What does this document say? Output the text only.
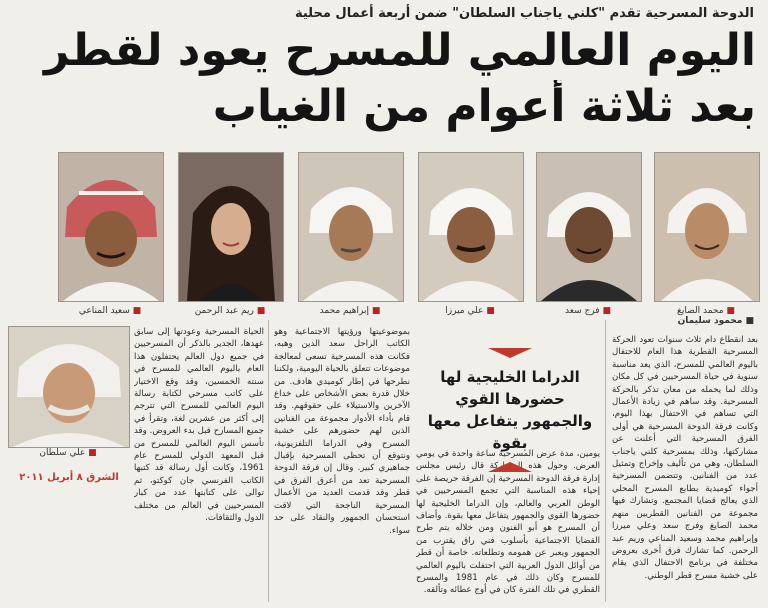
الدوحة المسرحية تقدم "كلني ياجناب السلطان" ضمن أربعة أعمال محلية
اليوم العالمي للمسرح يعود لقطر
بعد ثلاثة أعوام من الغياب
■ محمد الصايغ
■ فرج سعد
■ علي ميرزا
■ إبراهيم محمد
■ ريم عبد الرحمن
■ سعيد المناعي
■ محمود سليمان
بعد انقطاع دام ثلاث سنوات تعود الحركة المسرحية القطرية هذا العام للاحتفال باليوم العالمي للمسرح، الذي يعد مناسبة سنوية في حياة المسرحيين في كل مكان وذلك لما يحمله من معان تذكر بالحركة المسرحية. وقد ساهم في زيادة الأعمال التي تساهم في الاحتفال بهذا اليوم، وكانت فرقة الدوحة المسرحية هي أولى الفرق المسرحية التي أعلنت عن مشاركتها، وذلك بمسرحية كلني ياجناب السلطان، وهي من تأليف وإخراج وتمثيل عدد من الفنانين. وتتضمن المسرحية أجواء كوميدية بطابع المسرح المحلي الذي يعالج قضايا المجتمع. وتشارك فيها مجموعة من الفنانين القطريين منهم محمد الصايغ وفرج سعد وعلي ميرزا وإبراهيم محمد وسعيد المناعي وريم عبد الرحمن. كما تشارك فرق أخرى بعروض مختلفة في برنامج الاحتفال الذي يقام على خشبة مسرح قطر الوطني.
يومين، مدة عرض المسرحية ساعة واحدة في يومي العرض. وحول هذه المشاركة قال رئيس مجلس إدارة فرقة الدوحة المسرحية إن الفرقة حريصة على إحياء هذه المناسبة التي تجمع المسرحيين في الوطن العربي والعالم، وإن الدراما الخليجية لها حضورها القوي والجمهور يتفاعل معها بقوة. وأضاف أن المسرح هو أبو الفنون ومن خلاله يتم طرح القضايا الاجتماعية بأسلوب فني راق يقترب من الجمهور ويعبر عن همومه وتطلعاته. خاصة أن قطر من أوائل الدول العربية التي احتفلت باليوم العالمي للمسرح وكان ذلك في عام 1981 والمسرح القطري في تلك الفترة كان في أوج عطائه وتألقه.
الدراما الخليجية لها حضورها القوي والجمهور يتفاعل معها بقوة
بموضوعيتها ورؤيتها الاجتماعية وهو الكاتب الراحل سعد الدين وهبه، فكانت هذه المسرحية تسعى لمعالجة موضوعات تتعلق بالحياة اليومية، ولكننا نطرحها في إطار كوميدي هادف. من خلال قدرة بعض الأشخاص على خداع الآخرين والاستيلاء على حقوقهم. وقد قام بأداء الأدوار مجموعة من الفنانين الذين لهم حضورهم على خشبة المسرح وفي الدراما التلفزيونية، ونتوقع أن تحظى المسرحية بإقبال جماهيري كبير. وقال إن فرقة الدوحة المسرحية تعد من أعرق الفرق في قطر وقد قدمت العديد من الأعمال المسرحية الناجحة التي لاقت استحسان الجمهور والنقاد على حد سواء.
الحياة المسرحية وعودتها إلى سابق عهدها، الجدير بالذكر أن المسرحيين في جميع دول العالم يحتفلون هذا العام باليوم العالمي للمسرح في سنته الخمسين، وقد وقع الاختيار على كاتب مسرحي لكتابة رسالة اليوم العالمي للمسرح التي تترجم إلى أكثر من عشرين لغة، وتقرأ في جميع المسارح قبل بدء العروض. وقد تأسس اليوم العالمي للمسرح من قبل المعهد الدولي للمسرح عام 1961، وكانت أول رسالة قد كتبها الكاتب الفرنسي جان كوكتو، ثم توالى على كتابتها عدد من كبار المسرحيين في العالم من مختلف الدول والثقافات.
■ علي سلطان
الشرق ٨ أبريل ٢٠١١
